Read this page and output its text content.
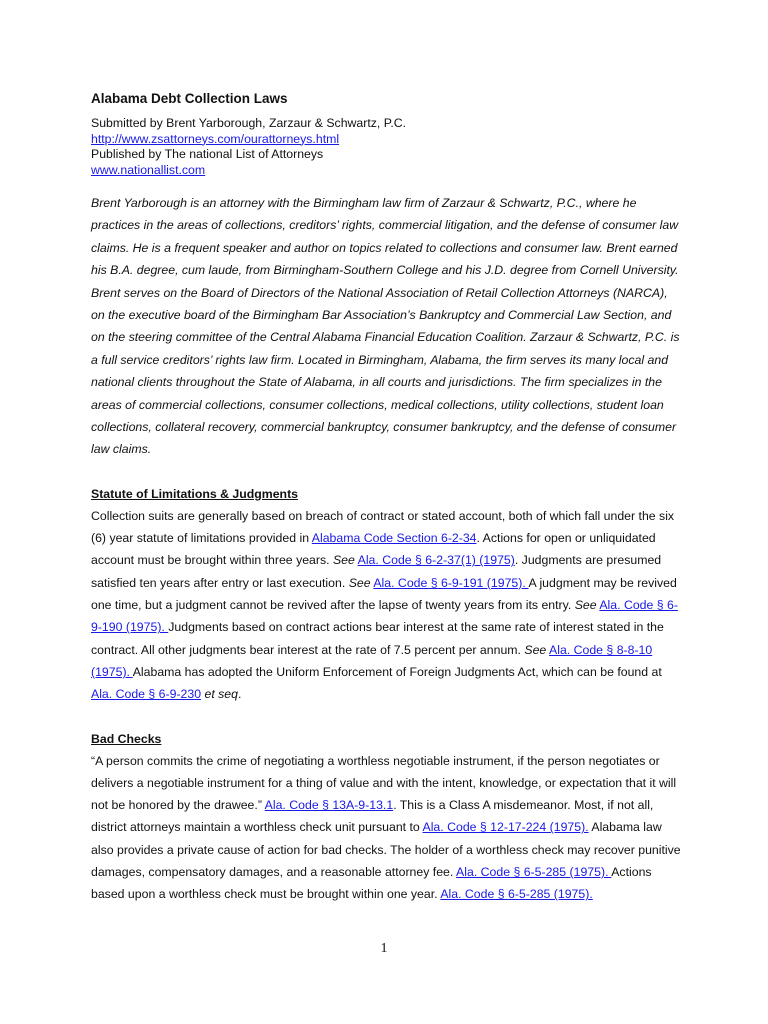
Alabama Debt Collection Laws

Submitted by Brent Yarborough, Zarzaur & Schwartz, P.C.

http://www.zsattorneys.com/ourattorneys.html

Published by The national List of Attorneys

www.nationallist.com

Brent Yarborough is an attorney with the Birmingham law firm of Zarzaur & Schwartz, P.C., where he practices in the areas of collections, creditors’ rights, commercial litigation, and the defense of consumer law claims. He is a frequent speaker and author on topics related to collections and consumer law. Brent earned his B.A. degree, cum laude, from Birmingham-Southern College and his J.D. degree from Cornell University. Brent serves on the Board of Directors of the National Association of Retail Collection Attorneys (NARCA), on the executive board of the Birmingham Bar Association’s Bankruptcy and Commercial Law Section, and on the steering committee of the Central Alabama Financial Education Coalition. Zarzaur & Schwartz, P.C. is a full service creditors’ rights law firm. Located in Birmingham, Alabama, the firm serves its many local and national clients throughout the State of Alabama, in all courts and jurisdictions. The firm specializes in the areas of commercial collections, consumer collections, medical collections, utility collections, student loan collections, collateral recovery, commercial bankruptcy, consumer bankruptcy, and the defense of consumer law claims.

Statute of Limitations & Judgments

Collection suits are generally based on breach of contract or stated account, both of which fall under the six (6) year statute of limitations provided in Alabama Code Section 6-2-34. Actions for open or unliquidated account must be brought within three years. See Ala. Code § 6-2-37(1) (1975). Judgments are presumed satisfied ten years after entry or last execution. See Ala. Code § 6-9-191 (1975). A judgment may be revived one time, but a judgment cannot be revived after the lapse of twenty years from its entry. See Ala. Code § 6-9-190 (1975). Judgments based on contract actions bear interest at the same rate of interest stated in the contract. All other judgments bear interest at the rate of 7.5 percent per annum. See Ala. Code § 8-8-10 (1975). Alabama has adopted the Uniform Enforcement of Foreign Judgments Act, which can be found at Ala. Code § 6-9-230 et seq.

Bad Checks

“A person commits the crime of negotiating a worthless negotiable instrument, if the person negotiates or delivers a negotiable instrument for a thing of value and with the intent, knowledge, or expectation that it will not be honored by the drawee.” Ala. Code § 13A-9-13.1. This is a Class A misdemeanor. Most, if not all, district attorneys maintain a worthless check unit pursuant to Ala. Code § 12-17-224 (1975). Alabama law also provides a private cause of action for bad checks. The holder of a worthless check may recover punitive damages, compensatory damages, and a reasonable attorney fee. Ala. Code § 6-5-285 (1975). Actions based upon a worthless check must be brought within one year. Ala. Code § 6-5-285 (1975).

1
